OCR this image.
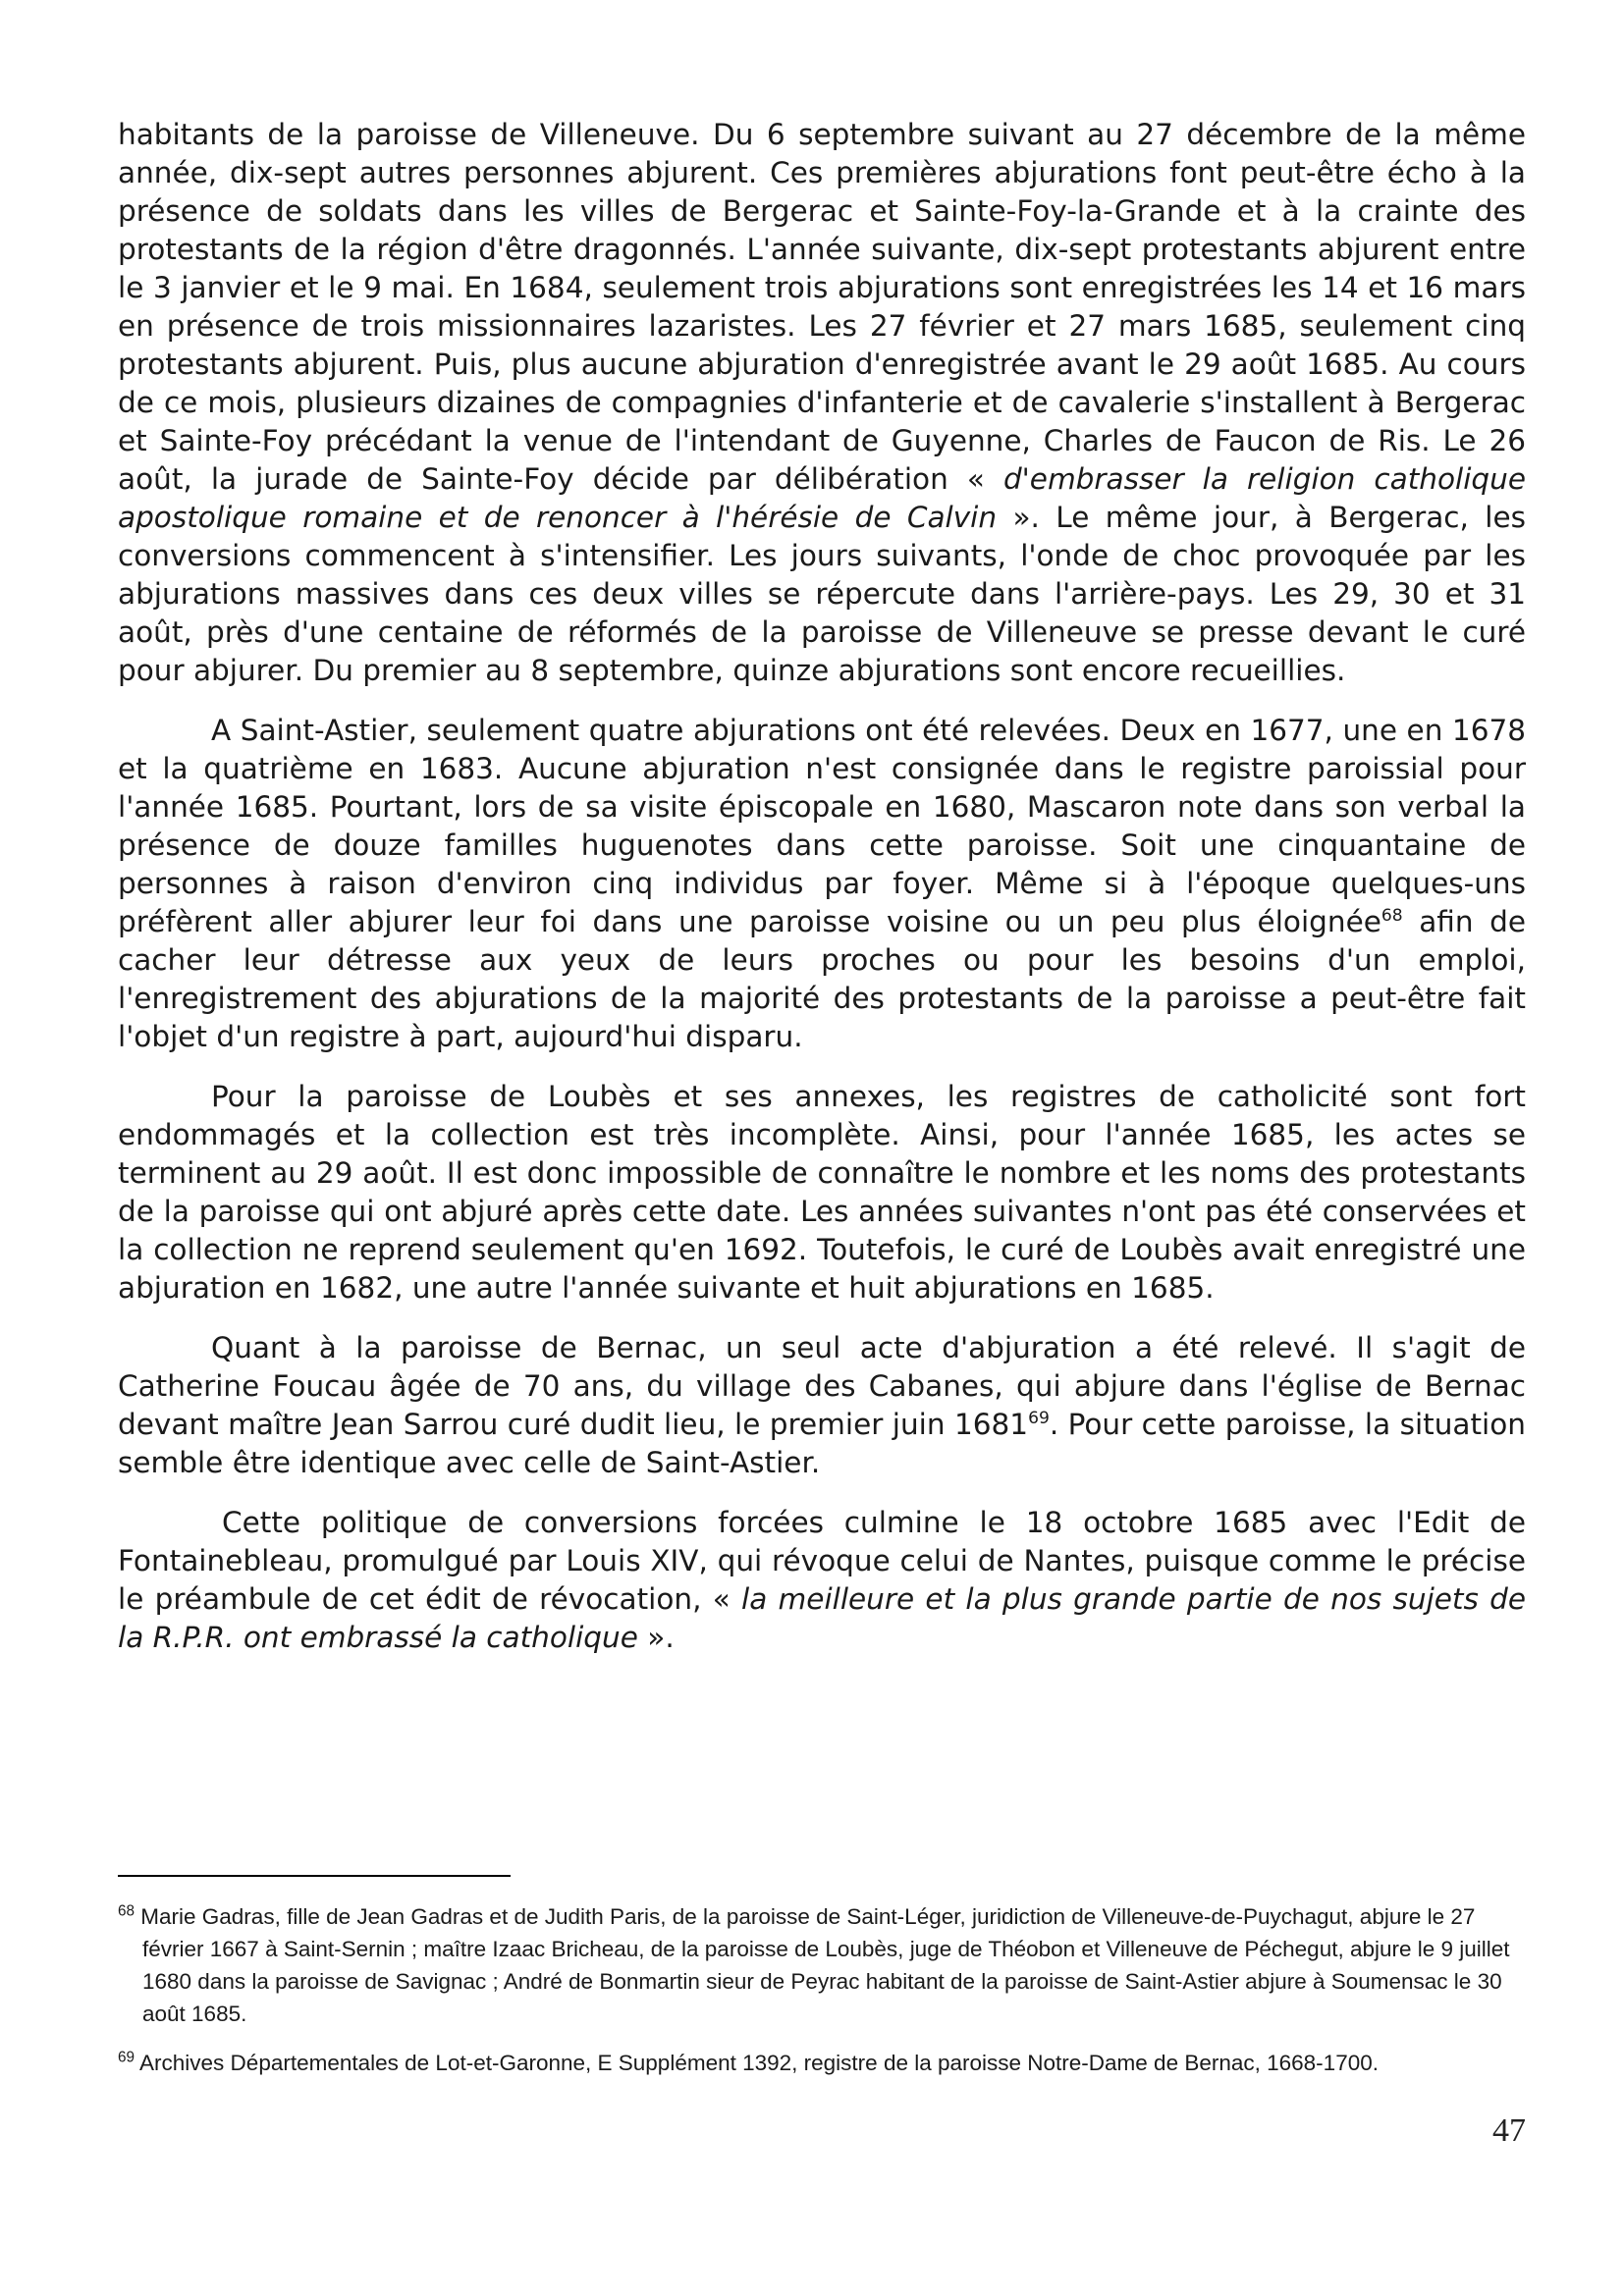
habitants de la paroisse de Villeneuve. Du 6 septembre suivant au 27 décembre de la même année, dix-sept autres personnes abjurent. Ces premières abjurations font peut-être écho à la présence de soldats dans les villes de Bergerac et Sainte-Foy-la-Grande et à la crainte des protestants de la région d'être dragonnés. L'année suivante, dix-sept protestants abjurent entre le 3 janvier et le 9 mai. En 1684, seulement trois abjurations sont enregistrées les 14 et 16 mars en présence de trois missionnaires lazaristes. Les 27 février et 27 mars 1685, seulement cinq protestants abjurent. Puis, plus aucune abjuration d'enregistrée avant le 29 août 1685. Au cours de ce mois, plusieurs dizaines de compagnies d'infanterie et de cavalerie s'installent à Bergerac et Sainte-Foy précédant la venue de l'intendant de Guyenne, Charles de Faucon de Ris. Le 26 août, la jurade de Sainte-Foy décide par délibération « d'embrasser la religion catholique apostolique romaine et de renoncer à l'hérésie de Calvin ». Le même jour, à Bergerac, les conversions commencent à s'intensifier. Les jours suivants, l'onde de choc provoquée par les abjurations massives dans ces deux villes se répercute dans l'arrière-pays. Les 29, 30 et 31 août, près d'une centaine de réformés de la paroisse de Villeneuve se presse devant le curé pour abjurer. Du premier au 8 septembre, quinze abjurations sont encore recueillies.

A Saint-Astier, seulement quatre abjurations ont été relevées. Deux en 1677, une en 1678 et la quatrième en 1683. Aucune abjuration n'est consignée dans le registre paroissial pour l'année 1685. Pourtant, lors de sa visite épiscopale en 1680, Mascaron note dans son verbal la présence de douze familles huguenotes dans cette paroisse. Soit une cinquantaine de personnes à raison d'environ cinq individus par foyer. Même si à l'époque quelques-uns préfèrent aller abjurer leur foi dans une paroisse voisine ou un peu plus éloignée$^{68}$ afin de cacher leur détresse aux yeux de leurs proches ou pour les besoins d'un emploi, l'enregistrement des abjurations de la majorité des protestants de la paroisse a peut-être fait l'objet d'un registre à part, aujourd'hui disparu.

Pour la paroisse de Loubès et ses annexes, les registres de catholicité sont fort endommagés et la collection est très incomplète. Ainsi, pour l'année 1685, les actes se terminent au 29 août. Il est donc impossible de connaître le nombre et les noms des protestants de la paroisse qui ont abjuré après cette date. Les années suivantes n'ont pas été conservées et la collection ne reprend seulement qu'en 1692. Toutefois, le curé de Loubès avait enregistré une abjuration en 1682, une autre l'année suivante et huit abjurations en 1685.

Quant à la paroisse de Bernac, un seul acte d'abjuration a été relevé. Il s'agit de Catherine Foucau âgée de 70 ans, du village des Cabanes, qui abjure dans l'église de Bernac devant maître Jean Sarrou curé dudit lieu, le premier juin 1681$^{69}$. Pour cette paroisse, la situation semble être identique avec celle de Saint-Astier.

Cette politique de conversions forcées culmine le 18 octobre 1685 avec l'Edit de Fontainebleau, promulgué par Louis XIV, qui révoque celui de Nantes, puisque comme le précise le préambule de cet édit de révocation, « la meilleure et la plus grande partie de nos sujets de la R.P.R. ont embrassé la catholique ».

$^{68}$ Marie Gadras, fille de Jean Gadras et de Judith Paris, de la paroisse de Saint-Léger, juridiction de Villeneuve-de-Puychagut, abjure le 27 février 1667 à Saint-Sernin ; maître Izaac Bricheau, de la paroisse de Loubès, juge de Théobon et Villeneuve de Péchegut, abjure le 9 juillet 1680 dans la paroisse de Savignac ; André de Bonmartin sieur de Peyrac habitant de la paroisse de Saint-Astier abjure à Soumensac le 30 août 1685.

$^{69}$ Archives Départementales de Lot-et-Garonne, E Supplément 1392, registre de la paroisse Notre-Dame de Bernac, 1668-1700.

47
